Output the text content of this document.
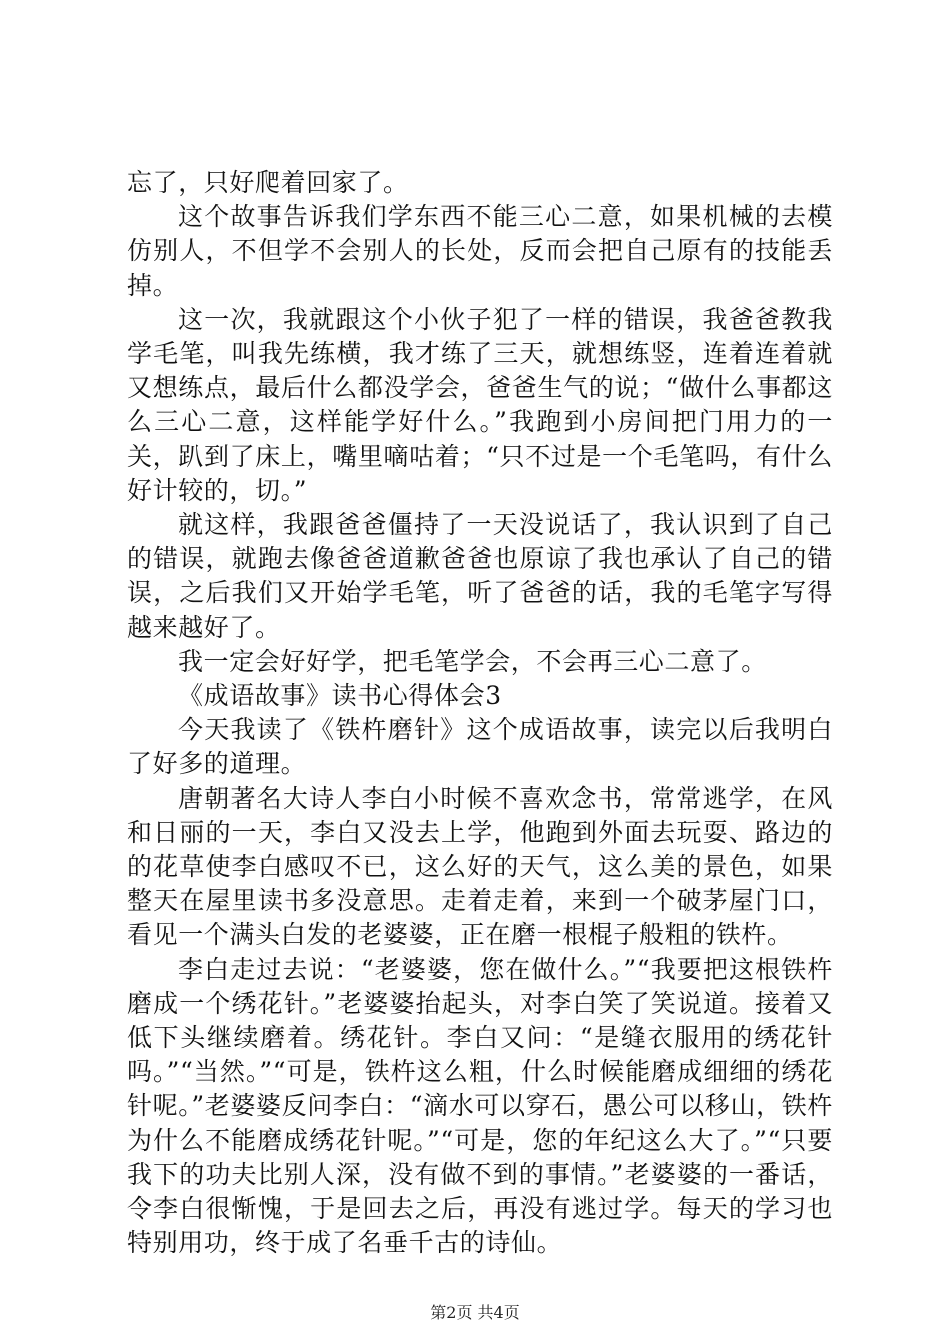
忘了，只好爬着回家了。

这个故事告诉我们学东西不能三心二意，如果机械的去模仿别人，不但学不会别人的长处，反而会把自己原有的技能丢掉。

这一次，我就跟这个小伙子犯了一样的错误，我爸爸教我学毛笔，叫我先练横，我才练了三天，就想练竖，连着连着就又想练点，最后什么都没学会，爸爸生气的说；“做什么事都这么三心二意，这样能学好什么。”我跑到小房间把门用力的一关，趴到了床上，嘴里嘀咕着；“只不过是一个毛笔吗，有什么好计较的，切。”

就这样，我跟爸爸僵持了一天没说话了，我认识到了自己的错误，就跑去像爸爸道歉爸爸也原谅了我也承认了自己的错误，之后我们又开始学毛笔，听了爸爸的话，我的毛笔字写得越来越好了。

我一定会好好学，把毛笔学会，不会再三心二意了。

《成语故事》读书心得体会3

今天我读了《铁杵磨针》这个成语故事，读完以后我明白了好多的道理。

唐朝著名大诗人李白小时候不喜欢念书，常常逃学，在风和日丽的一天，李白又没去上学，他跑到外面去玩耍、路边的的花草使李白感叹不已，这么好的天气，这么美的景色，如果整天在屋里读书多没意思。走着走着，来到一个破茅屋门口，看见一个满头白发的老婆婆，正在磨一根棍子般粗的铁杵。

李白走过去说：“老婆婆，您在做什么。”“我要把这根铁杵磨成一个绣花针。”老婆婆抬起头，对李白笑了笑说道。接着又低下头继续磨着。绣花针。李白又问：“是缝衣服用的绣花针吗。”“当然。”“可是，铁杵这么粗，什么时候能磨成细细的绣花针呢。”老婆婆反问李白：“滴水可以穿石，愚公可以移山，铁杵为什么不能磨成绣花针呢。”“可是，您的年纪这么大了。”“只要我下的功夫比别人深，没有做不到的事情。”老婆婆的一番话，令李白很惭愧，于是回去之后，再没有逃过学。每天的学习也特别用功，终于成了名垂千古的诗仙。

第2页 共4页
